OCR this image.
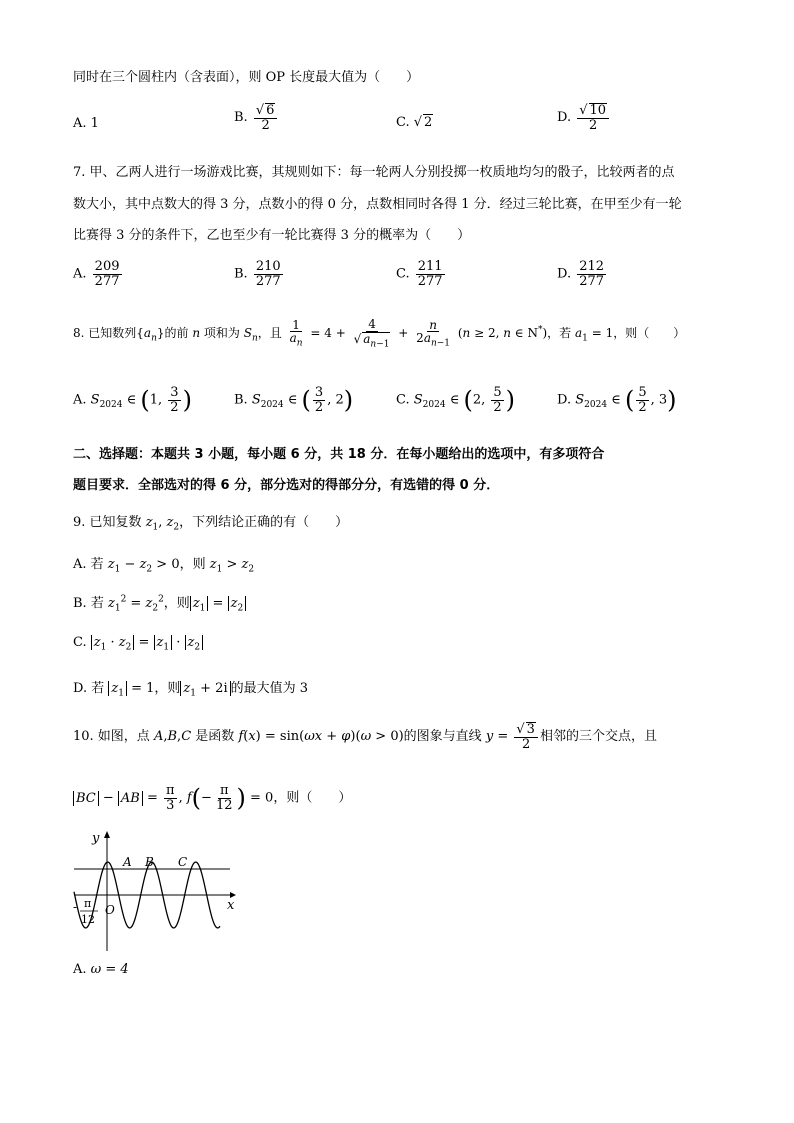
同时在三个圆柱内（含表面），则 OP 长度最大值为（　　）
A. 1	B. $\frac{√ 6}{2}$	C. √ 2	D. $\frac{√ 10}{2}$
7. 甲、乙两人进行一场游戏比赛，其规则如下：每一轮两人分别投掷一枚质地均匀的骰子，比较两者的点
数大小，其中点数大的得 3 分，点数小的得 0 分，点数相同时各得 1 分．经过三轮比赛，在甲至少有一轮
比赛得 3 分的条件下，乙也至少有一轮比赛得 3 分的概率为（　　）
A. $\frac{209}{277}$	B. $\frac{210}{277}$	C. $\frac{211}{277}$	D. $\frac{212}{277}$
8. 已知数列$\{a_n\}$的前 n 项和为 $S_n$，且 $\frac{1}{a_n} = 4 + \frac{4}{√ a_{n-1}} + \frac{n}{2a_{n-1}} (n \ge 2$, n ∈ N*)，若 $a_1 = 1$，则（　　）
A. $S_{2024}$ ∈ (1, $\frac{3}{2}$ )	B. $S_{2024}$ ∈ ( $\frac{3}{2}$ , 2)	C. $S_{2024}$ ∈ (2, $\frac{5}{2}$ )	D. $S_{2024}$ ∈ ( $\frac{5}{2}$ , 3)
二、选择题：本题共 3 小题，每小题 6 分，共 18 分．在每小题给出的选项中，有多项符合
题目要求．全部选对的得 6 分，部分选对的得部分分，有选错的得 0 分．
9. 已知复数 $z_1$, $z_2$，下列结论正确的有（　　）
A. 若 $z_1 - z_2 > 0$，则 $z_1 > z_2$
B. 若 $z_1^2 = z_2^2$，则 $z_1 = z_2$
C. $z_1 \cdot z_2 = z_1 \cdot z_2$
D. 若 $z_1 = 1$，则 $z_1 + 2i$ 的最大值为 3
10. 如图，点 A,B,C 是函数 f(x) = sin(ωx + φ)(ω > 0)的图象与直线 $y = \frac{√ 3}{2}$ 相邻的三个交点，且
BC − AB = $\frac{\pi}{3}$ , $f(- \frac{\pi}{12}$ ) = 0，则（　　）
y
x
O
A B C
- π
12
A. ω = 4
